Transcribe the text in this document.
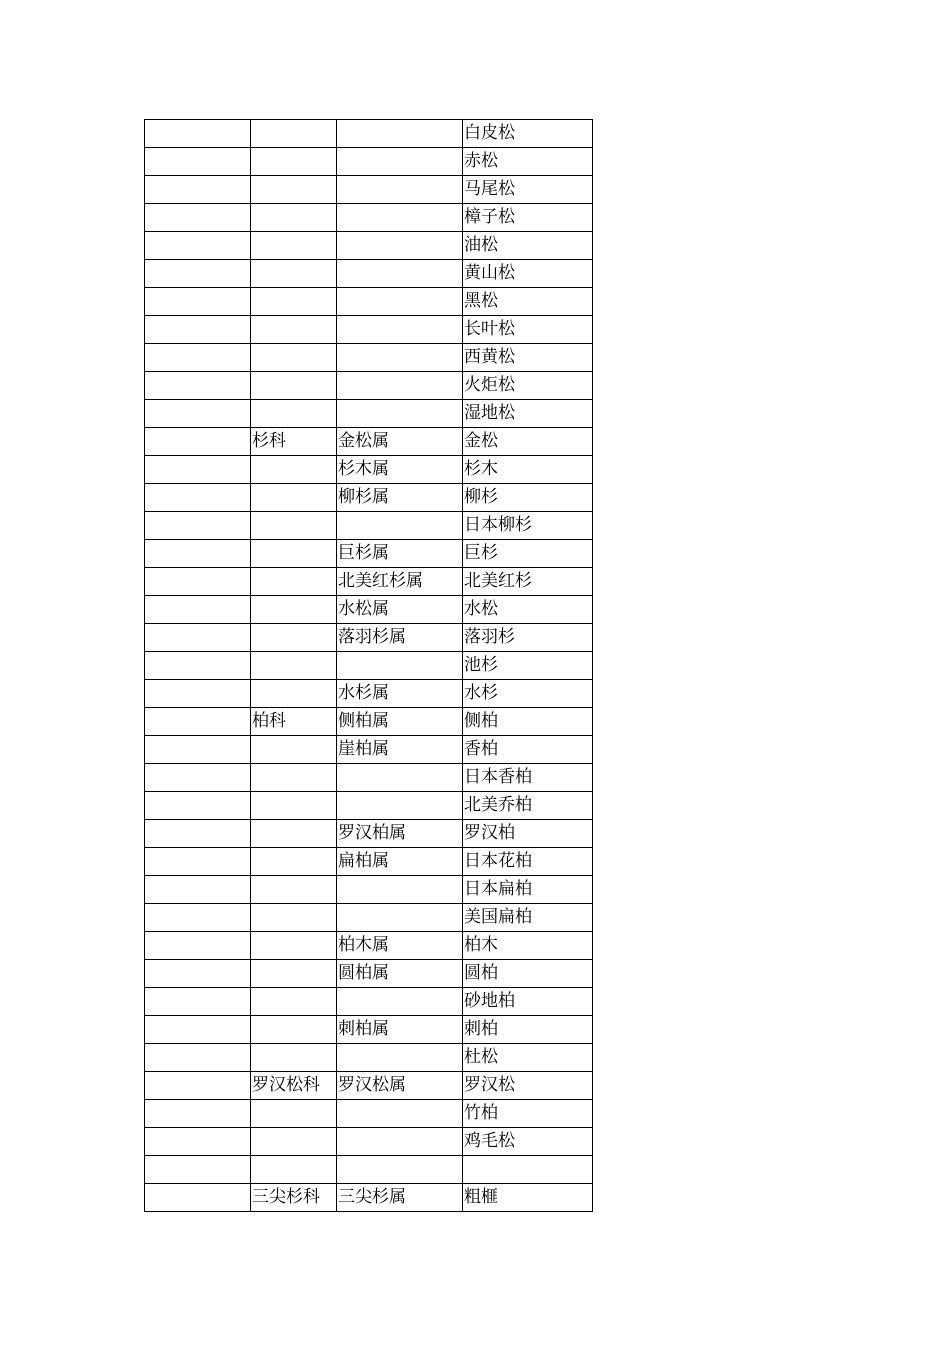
			白皮松
			赤松
			马尾松
			樟子松
			油松
			黄山松
			黑松
			长叶松
			西黄松
			火炬松
			湿地松
	杉科	金松属	金松
		杉木属	杉木
		柳杉属	柳杉
			日本柳杉
		巨杉属	巨杉
		北美红杉属	北美红杉
		水松属	水松
		落羽杉属	落羽杉
			池杉
		水杉属	水杉
	柏科	侧柏属	侧柏
		崖柏属	香柏
			日本香柏
			北美乔柏
		罗汉柏属	罗汉柏
		扁柏属	日本花柏
			日本扁柏
			美国扁柏
		柏木属	柏木
		圆柏属	圆柏
			砂地柏
		刺柏属	刺柏
			杜松
	罗汉松科	罗汉松属	罗汉松
			竹柏
			鸡毛松

	三尖杉科	三尖杉属	粗榧
